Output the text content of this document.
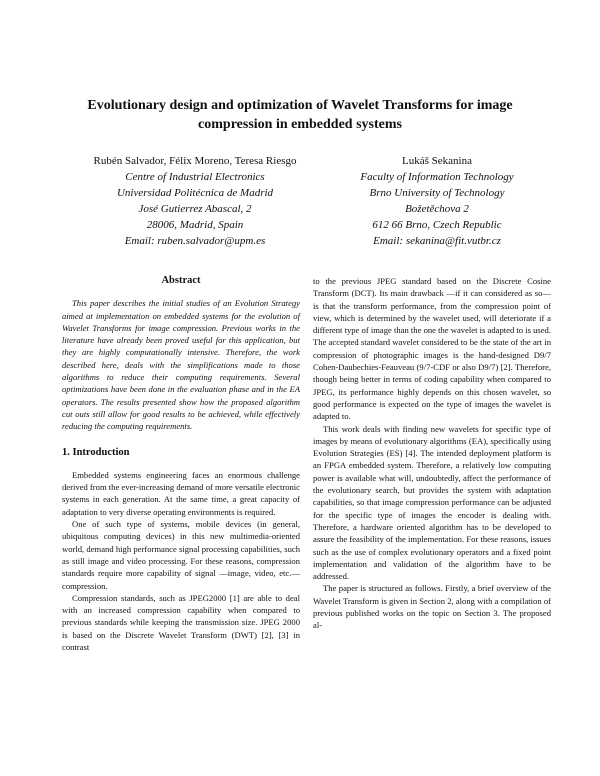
Evolutionary design and optimization of Wavelet Transforms for image compression in embedded systems
Rubén Salvador, Félix Moreno, Teresa Riesgo
Centre of Industrial Electronics
Universidad Politécnica de Madrid
José Gutierrez Abascal, 2
28006, Madrid, Spain
Email: ruben.salvador@upm.es
Lukáš Sekanina
Faculty of Information Technology
Brno University of Technology
Božetěchova 2
612 66 Brno, Czech Republic
Email: sekanina@fit.vutbr.cz
Abstract

This paper describes the initial studies of an Evolution Strategy aimed at implementation on embedded systems for the evolution of Wavelet Transforms for image compression. Previous works in the literature have already been proved useful for this application, but they are highly computationally intensive. Therefore, the work described here, deals with the simplifications made to those algorithms to reduce their computing requirements. Several optimizations have been done in the evaluation phase and in the EA operators. The results presented show how the proposed algorithm cut outs still allow for good results to be achieved, while effectively reducing the computing requirements.

1. Introduction

Embedded systems engineering faces an enormous challenge derived from the ever-increasing demand of more versatile electronic systems in each generation. At the same time, a great capacity of adaptation to very diverse operating environments is required.

One of such type of systems, mobile devices (in general, ubiquitous computing devices) in this new multimedia-oriented world, demand high performance signal processing capabilities, such as still image and video processing. For these reasons, compression standards require more capability of signal —image, video, etc.— compression.

Compression standards, such as JPEG2000 [1] are able to deal with an increased compression capability when compared to previous standards while keeping the transmission size. JPEG 2000 is based on the Discrete Wavelet Transform (DWT) [2], [3] in contrast

to the previous JPEG standard based on the Discrete Cosine Transform (DCT). Its main drawback —if it can considered as so— is that the transform performance, from the compression point of view, which is determined by the wavelet used, will deteriorate if a different type of image than the one the wavelet is adapted to is used. The accepted standard wavelet considered to be the state of the art in compression of photographic images is the hand-designed D9/7 Cohen-Daubechies-Feauveau (9/7-CDF or also D9/7) [2]. Therefore, though being better in terms of coding capability when compared to JPEG, its performance highly depends on this chosen wavelet, so good performance is expected on the type of images the wavelet is adapted to.

This work deals with finding new wavelets for specific type of images by means of evolutionary algorithms (EA), specifically using Evolution Strategies (ES) [4]. The intended deployment platform is an FPGA embedded system. Therefore, a relatively low computing power is available what will, undoubtedly, affect the performance of the evolutionary search, but provides the system with adaptation capabilities, so that image compression performance can be adjusted for the specific type of images the encoder is dealing with. Therefore, a hardware oriented algorithm has to be developed to assure the feasibility of the implementation. For these reasons, issues such as the use of complex evolutionary operators and a fixed point implementation and validation of the algorithm have to be addressed.

The paper is structured as follows. Firstly, a brief overview of the Wavelet Transform is given in Section 2, along with a compilation of previous published works on the topic on Section 3. The proposed al-
